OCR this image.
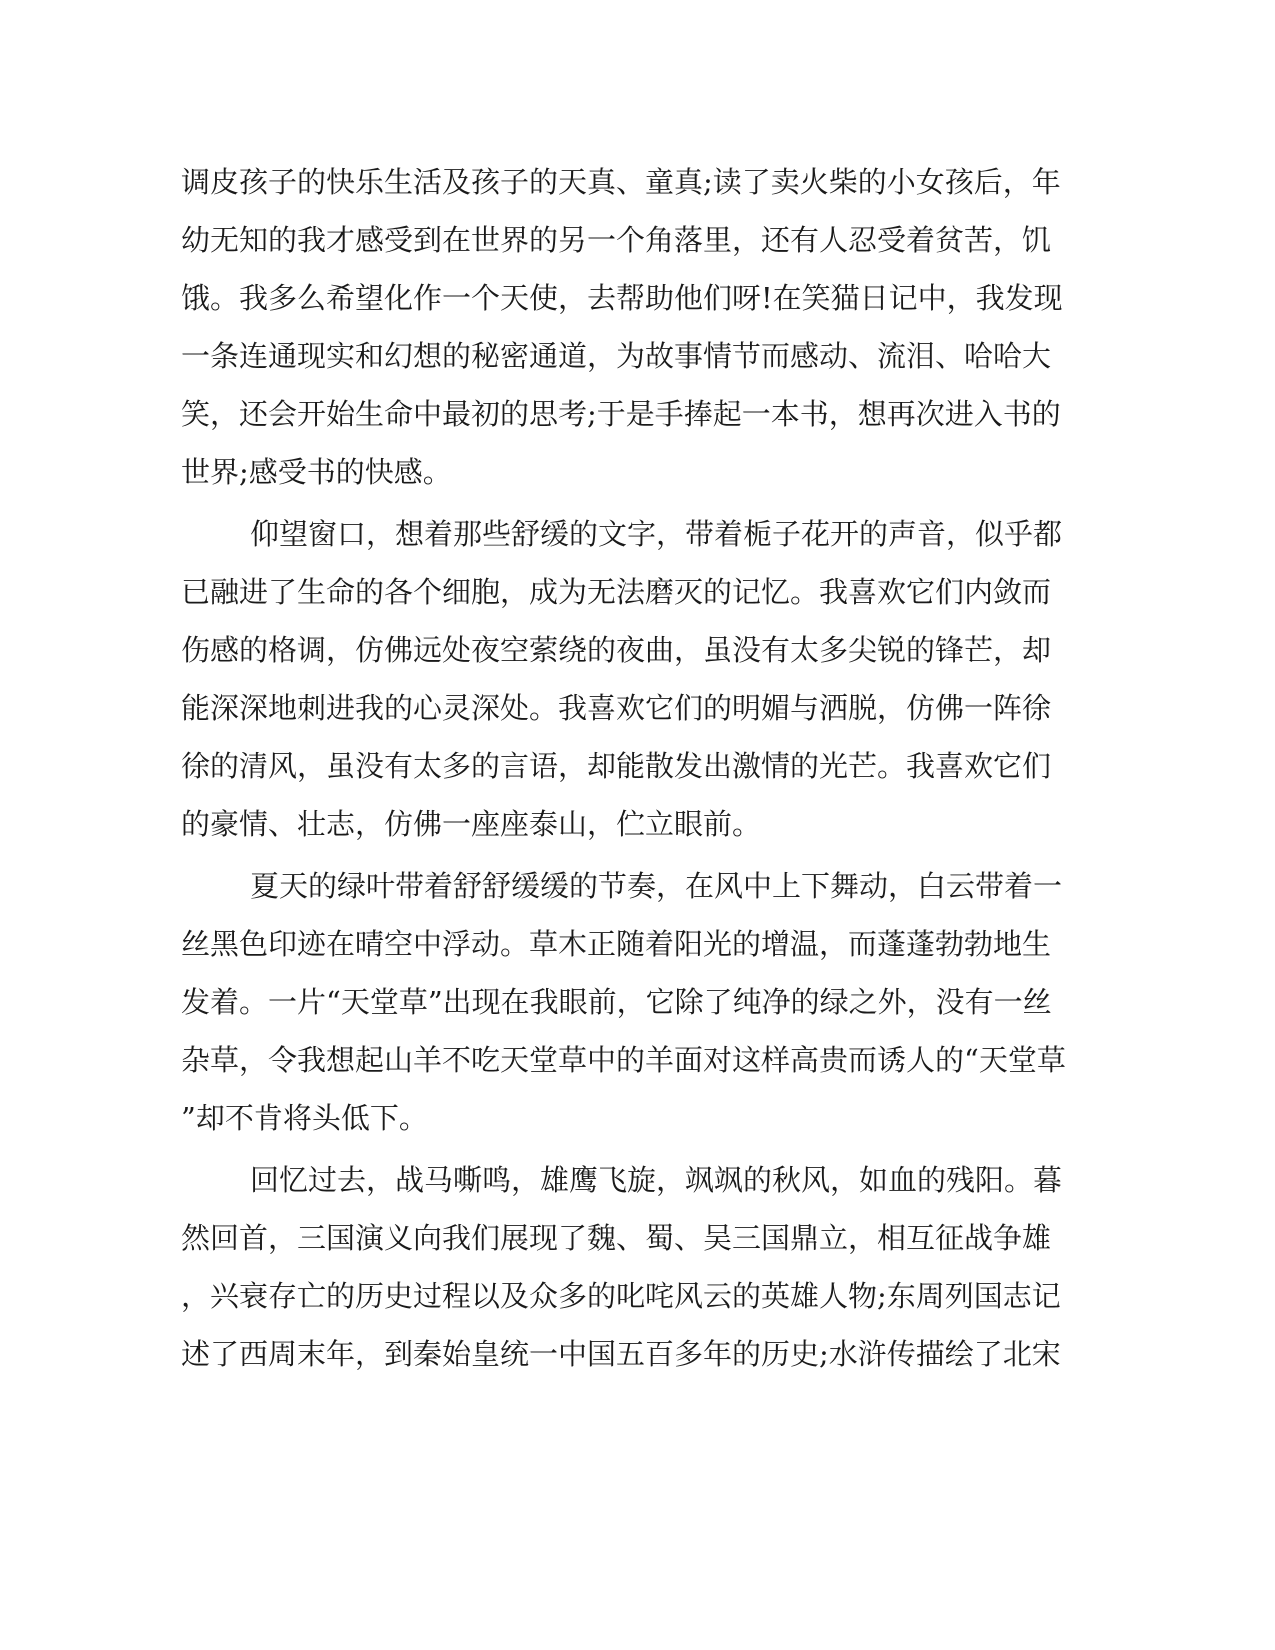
调皮孩子的快乐生活及孩子的天真、童真;读了卖火柴的小女孩后，年
幼无知的我才感受到在世界的另一个角落里，还有人忍受着贫苦，饥
饿。我多么希望化作一个天使，去帮助他们呀!在笑猫日记中，我发现
一条连通现实和幻想的秘密通道，为故事情节而感动、流泪、哈哈大
笑，还会开始生命中最初的思考;于是手捧起一本书，想再次进入书的
世界;感受书的快感。
仰望窗口，想着那些舒缓的文字，带着栀子花开的声音，似乎都
已融进了生命的各个细胞，成为无法磨灭的记忆。我喜欢它们内敛而
伤感的格调，仿佛远处夜空萦绕的夜曲，虽没有太多尖锐的锋芒，却
能深深地刺进我的心灵深处。我喜欢它们的明媚与洒脱，仿佛一阵徐
徐的清风，虽没有太多的言语，却能散发出激情的光芒。我喜欢它们
的豪情、壮志，仿佛一座座泰山，伫立眼前。
夏天的绿叶带着舒舒缓缓的节奏，在风中上下舞动，白云带着一
丝黑色印迹在晴空中浮动。草木正随着阳光的增温，而蓬蓬勃勃地生
发着。一片“天堂草”出现在我眼前，它除了纯净的绿之外，没有一丝
杂草，令我想起山羊不吃天堂草中的羊面对这样高贵而诱人的“天堂草
”却不肯将头低下。
回忆过去，战马嘶鸣，雄鹰飞旋，飒飒的秋风，如血的残阳。暮
然回首，三国演义向我们展现了魏、蜀、吴三国鼎立，相互征战争雄
，兴衰存亡的历史过程以及众多的叱咤风云的英雄人物;东周列国志记
述了西周末年，到秦始皇统一中国五百多年的历史;水浒传描绘了北宋
